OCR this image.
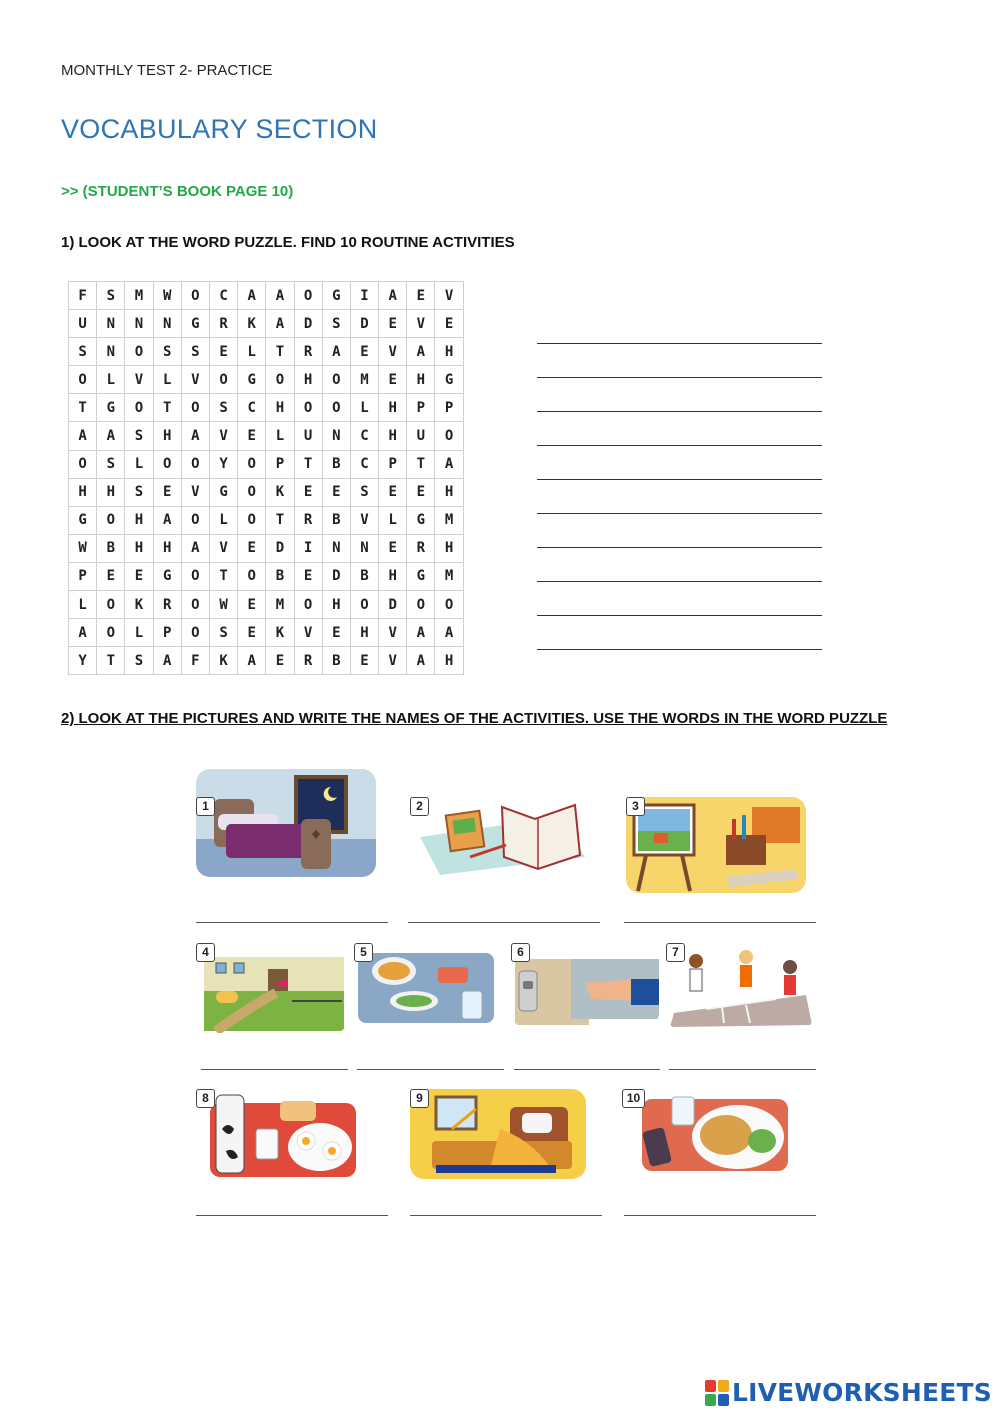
MONTHLY TEST 2- PRACTICE
VOCABULARY SECTION
>> (STUDENT’S BOOK PAGE 10)
1) LOOK AT THE WORD PUZZLE. FIND 10 ROUTINE ACTIVITIES
F	S	M	W	O	C	A	A	O	G	I	A	E	V
U	N	N	N	G	R	K	A	D	S	D	E	V	E
S	N	O	S	S	E	L	T	R	A	E	V	A	H
O	L	V	L	V	O	G	O	H	O	M	E	H	G
T	G	O	T	O	S	C	H	O	O	L	H	P	P
A	A	S	H	A	V	E	L	U	N	C	H	U	O
O	S	L	O	O	Y	O	P	T	B	C	P	T	A
H	H	S	E	V	G	O	K	E	E	S	E	E	H
G	O	H	A	O	L	O	T	R	B	V	L	G	M
W	B	H	H	A	V	E	D	I	N	N	E	R	H
P	E	E	G	O	T	O	B	E	D	B	H	G	M
L	O	K	R	O	W	E	M	O	H	O	D	O	O
A	O	L	P	O	S	E	K	V	E	H	V	A	A
Y	T	S	A	F	K	A	E	R	B	E	V	A	H
2) LOOK AT THE PICTURES AND WRITE THE NAMES OF THE ACTIVITIES. USE THE WORDS IN THE WORD PUZZLE
1	2	3
4	5	6	7
8	9	10
LIVEWORKSHEETS
